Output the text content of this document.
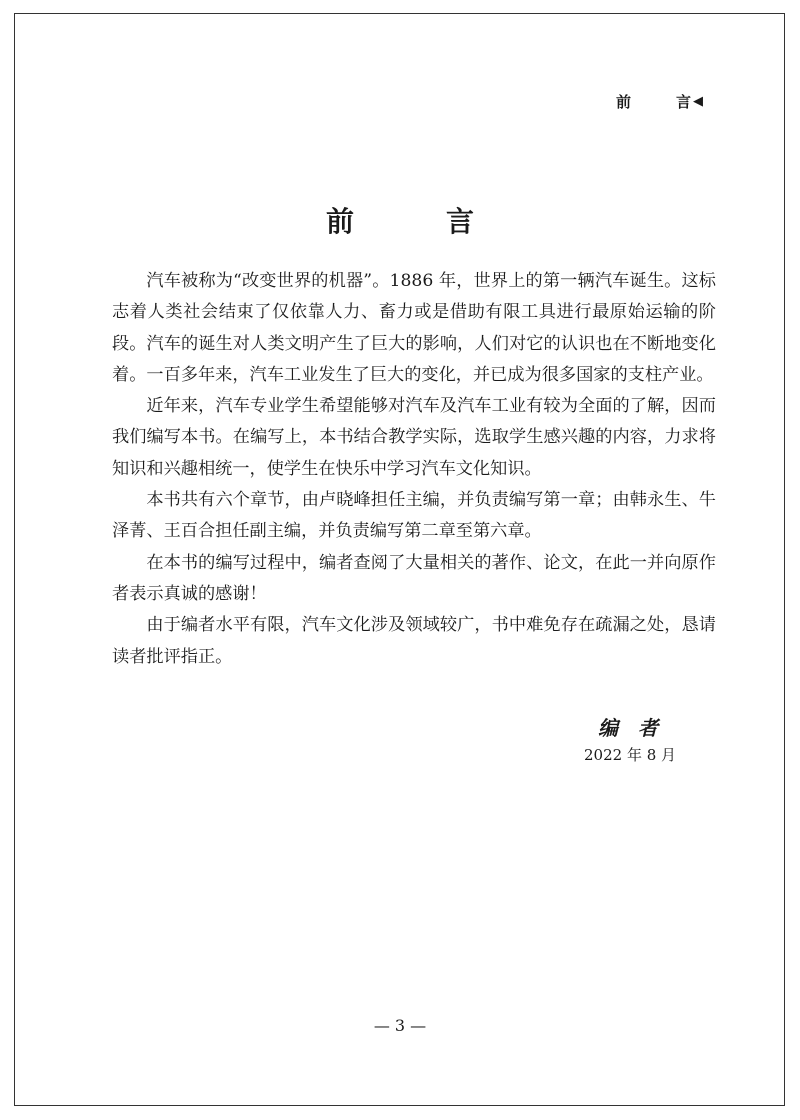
前	言 ◀
前	言

汽车被称为“改变世界的机器”。1886 年，世界上的第一辆汽车诞生。这标志着人类社会结束了仅依靠人力、畜力或是借助有限工具进行最原始运输的阶段。汽车的诞生对人类文明产生了巨大的影响，人们对它的认识也在不断地变化着。一百多年来，汽车工业发生了巨大的变化，并已成为很多国家的支柱产业。

近年来，汽车专业学生希望能够对汽车及汽车工业有较为全面的了解，因而我们编写本书。在编写上，本书结合教学实际，选取学生感兴趣的内容，力求将知识和兴趣相统一，使学生在快乐中学习汽车文化知识。

本书共有六个章节，由卢晓峰担任主编，并负责编写第一章；由韩永生、牛泽菁、王百合担任副主编，并负责编写第二章至第六章。

在本书的编写过程中，编者查阅了大量相关的著作、论文，在此一并向原作者表示真诚的感谢！

由于编者水平有限，汽车文化涉及领域较广，书中难免存在疏漏之处，恳请读者批评指正。

编者
2022 年 8 月
— 3 —
